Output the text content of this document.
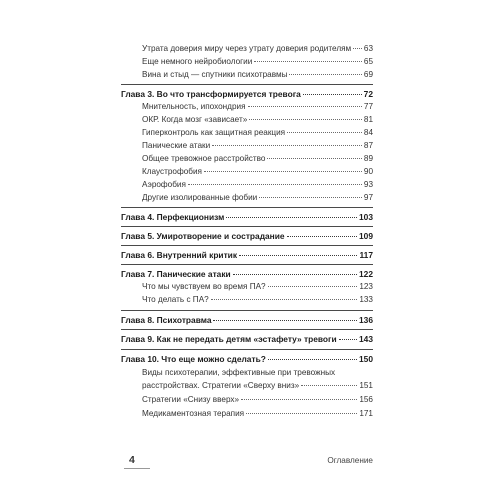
Утрата доверия миру через утрату доверия родителям 63
Еще немного нейробиологии	65
Вина и стыд — спутники психотравмы	69
Глава 3. Во что трансформируется тревога	72
Мнительность, ипохондрия	77
ОКР. Когда мозг «зависает»	81
Гиперконтроль как защитная реакция	84
Панические атаки	87
Общее тревожное расстройство	89
Клаустрофобия	90
Аэрофобия	93
Другие изолированные фобии	97
Глава 4. Перфекционизм	103
Глава 5. Умиротворение и сострадание	109
Глава 6. Внутренний критик	117
Глава 7. Панические атаки	122
Что мы чувствуем во время ПА?	123
Что делать с ПА?	133
Глава 8. Психотравма	136
Глава 9. Как не передать детям «эстафету» тревоги	143
Глава 10. Что еще можно сделать?	150
Виды психотерапии, эффективные при тревожных
расстройствах. Стратегии «Сверху вниз»	151
Стратегии «Снизу вверх»	156
Медикаментозная терапия	171
4	Оглавление
